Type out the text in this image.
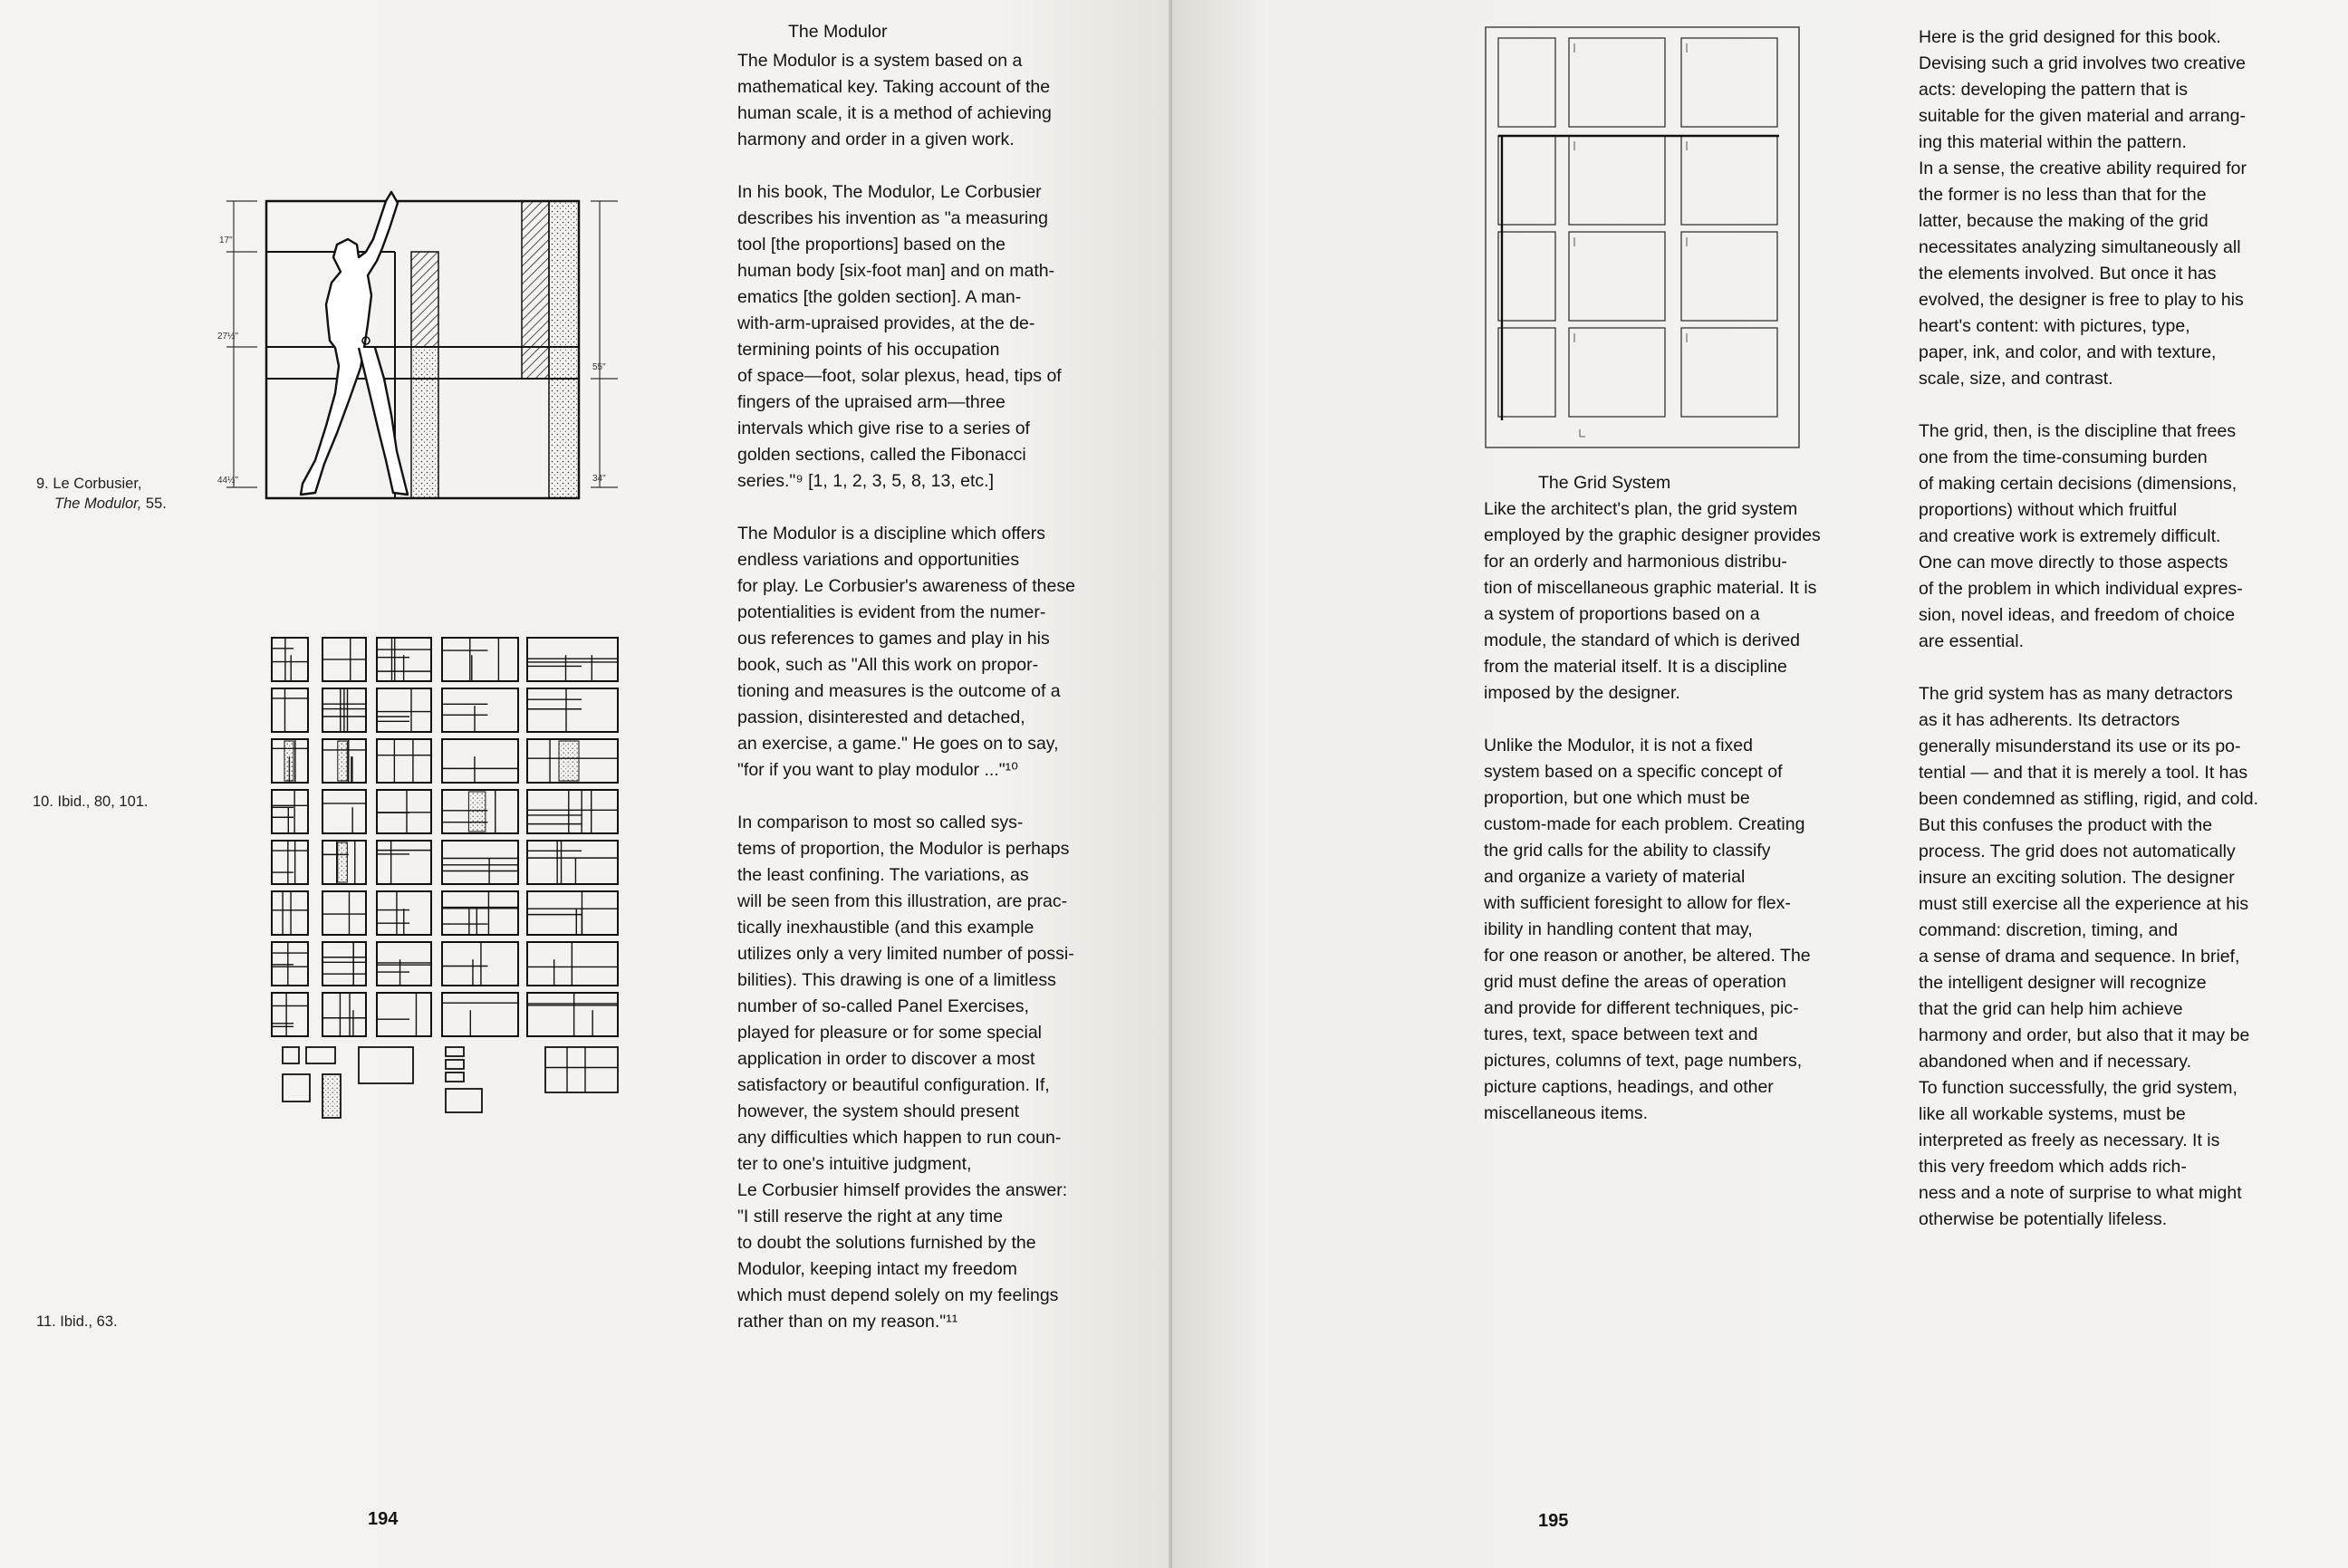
The Modulor

The Modulor is a system based on a
mathematical key. Taking account of the
human scale, it is a method of achieving
harmony and order in a given work.

In his book, The Modulor, Le Corbusier
describes his invention as "a measuring
tool [the proportions] based on the
human body [six-foot man] and on math-
ematics [the golden section]. A man-
with-arm-upraised provides, at the de-
termining points of his occupation
of space—foot, solar plexus, head, tips of
fingers of the upraised arm—three
intervals which give rise to a series of
golden sections, called the Fibonacci
series."⁹ [1, 1, 2, 3, 5, 8, 13, etc.]

The Modulor is a discipline which offers
endless variations and opportunities
for play. Le Corbusier's awareness of these
potentialities is evident from the numer-
ous references to games and play in his
book, such as "All this work on propor-
tioning and measures is the outcome of a
passion, disinterested and detached,
an exercise, a game." He goes on to say,
"for if you want to play modulor ..."¹⁰

In comparison to most so called sys-
tems of proportion, the Modulor is perhaps
the least confining. The variations, as
will be seen from this illustration, are prac-
tically inexhaustible (and this example
utilizes only a very limited number of possi-
bilities). This drawing is one of a limitless
number of so-called Panel Exercises,
played for pleasure or for some special
application in order to discover a most
satisfactory or beautiful configuration. If,
however, the system should present
any difficulties which happen to run coun-
ter to one's intuitive judgment,
Le Corbusier himself provides the answer:
"I still reserve the right at any time
to doubt the solutions furnished by the
Modulor, keeping intact my freedom
which must depend solely on my feelings
rather than on my reason."¹¹

9. Le Corbusier,
The Modulor, 55.
10. Ibid., 80, 101.
11. Ibid., 63.
17"
27½"
44½"
55"
34"
194
The Grid System

Like the architect's plan, the grid system
employed by the graphic designer provides
for an orderly and harmonious distribu-
tion of miscellaneous graphic material. It is
a system of proportions based on a
module, the standard of which is derived
from the material itself. It is a discipline
imposed by the designer.

Unlike the Modulor, it is not a fixed
system based on a specific concept of
proportion, but one which must be
custom-made for each problem. Creating
the grid calls for the ability to classify
and organize a variety of material
with sufficient foresight to allow for flex-
ibility in handling content that may,
for one reason or another, be altered. The
grid must define the areas of operation
and provide for different techniques, pic-
tures, text, space between text and
pictures, columns of text, page numbers,
picture captions, headings, and other
miscellaneous items.

Here is the grid designed for this book.
Devising such a grid involves two creative
acts: developing the pattern that is
suitable for the given material and arrang-
ing this material within the pattern.
In a sense, the creative ability required for
the former is no less than that for the
latter, because the making of the grid
necessitates analyzing simultaneously all
the elements involved. But once it has
evolved, the designer is free to play to his
heart's content: with pictures, type,
paper, ink, and color, and with texture,
scale, size, and contrast.

The grid, then, is the discipline that frees
one from the time-consuming burden
of making certain decisions (dimensions,
proportions) without which fruitful
and creative work is extremely difficult.
One can move directly to those aspects
of the problem in which individual expres-
sion, novel ideas, and freedom of choice
are essential.

The grid system has as many detractors
as it has adherents. Its detractors
generally misunderstand its use or its po-
tential — and that it is merely a tool. It has
been condemned as stifling, rigid, and cold.
But this confuses the product with the
process. The grid does not automatically
insure an exciting solution. The designer
must still exercise all the experience at his
command: discretion, timing, and
a sense of drama and sequence. In brief,
the intelligent designer will recognize
that the grid can help him achieve
harmony and order, but also that it may be
abandoned when and if necessary.
To function successfully, the grid system,
like all workable systems, must be
interpreted as freely as necessary. It is
this very freedom which adds rich-
ness and a note of surprise to what might
otherwise be potentially lifeless.

195
